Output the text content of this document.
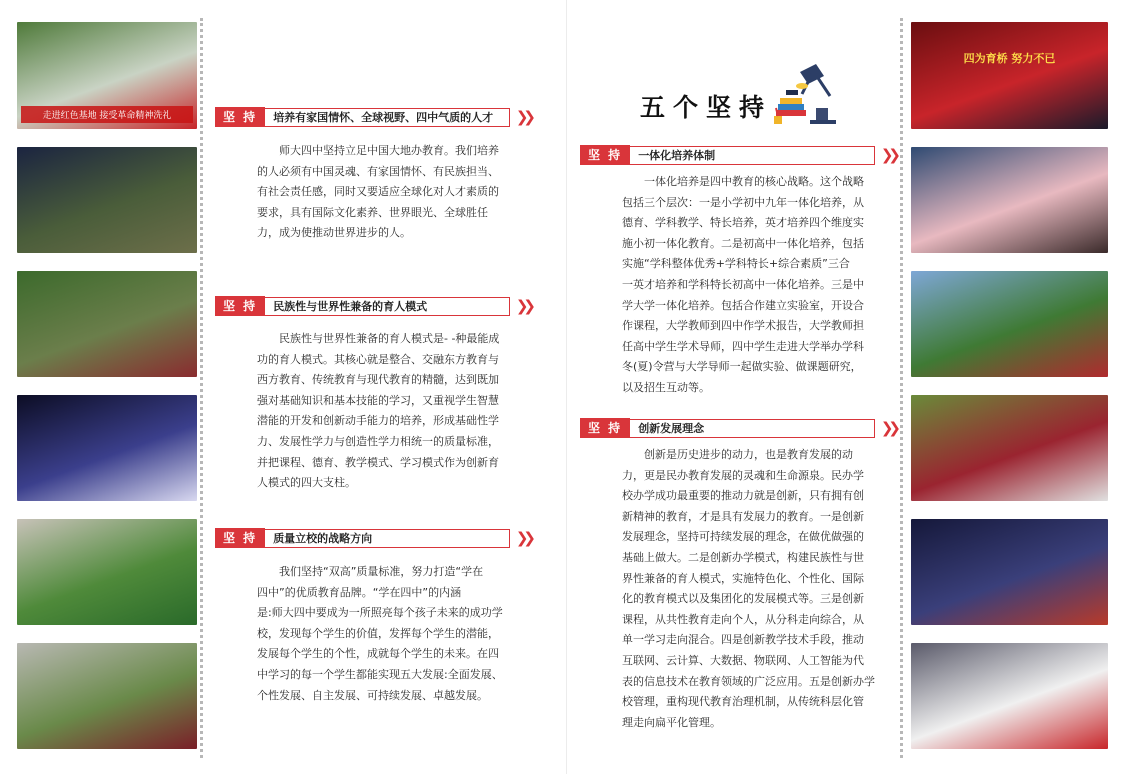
走进红色基地 接受革命精神洗礼
四为育桥 努力不已
五个坚持
坚 持	培养有家国情怀、全球视野、四中气质的人才	❯❯
坚 持	民族性与世界性兼备的育人模式	❯❯
坚 持	质量立校的战略方向	❯❯
坚 持	一体化培养体制	❯❯
坚 持	创新发展理念	❯❯
师大四中坚持立足中国大地办教育。我们培养
的人必须有中国灵魂、有家国情怀、有民族担当、
有社会责任感，同时又要适应全球化对人才素质的
要求，具有国际文化素养、世界眼光、全球胜任
力，成为使推动世界进步的人。
民族性与世界性兼备的育人模式是- -种最能成
功的育人模式。其核心就是整合、交融东方教育与
西方教育、传统教育与现代教育的精髓，达到既加
强对基础知识和基本技能的学习，又重视学生智慧
潜能的开发和创新动手能力的培养，形成基础性学
力、发展性学力与创造性学力相统一的质量标准，
并把课程、德育、教学模式、学习模式作为创新育
人模式的四大支柱。
我们坚持“双高”质量标准，努力打造“学在
四中”的优质教育品牌。“学在四中”的内涵
是:师大四中要成为一所照亮每个孩子未来的成功学
校，发现每个学生的价值，发挥每个学生的潜能，
发展每个学生的个性，成就每个学生的未来。在四
中学习的每一个学生都能实现五大发展:全面发展、
个性发展、自主发展、可持续发展、卓越发展。
一体化培养是四中教育的核心战略。这个战略
包括三个层次：一是小学初中九年一体化培养，从
德育、学科教学、特长培养，英才培养四个维度实
施小初一体化教育。二是初高中一体化培养，包括
实施“学科整体优秀+学科特长+综合素质”三合
一英才培养和学科特长初高中一体化培养。三是中
学大学一体化培养。包括合作建立实验室，开设合
作课程，大学教师到四中作学术报告，大学教师担
任高中学生学术导师，四中学生走进大学举办学科
冬(夏)令营与大学导师一起做实验、做课题研究，
以及招生互动等。
创新是历史进步的动力，也是教育发展的动
力，更是民办教育发展的灵魂和生命源泉。民办学
校办学成功最重要的推动力就是创新，只有拥有创
新精神的教育，才是具有发展力的教育。一是创新
发展理念，坚持可持续发展的理念，在做优做强的
基础上做大。二是创新办学模式，构建民族性与世
界性兼备的育人模式，实施特色化、个性化、国际
化的教育模式以及集团化的发展模式等。三是创新
课程，从共性教育走向个人，从分科走向综合，从
单一学习走向混合。四是创新教学技术手段，推动
互联网、云计算、大数据、物联网、人工智能为代
表的信息技术在教育领域的广泛应用。五是创新办学
校管理，重构现代教育治理机制，从传统科层化管
理走向扁平化管理。
